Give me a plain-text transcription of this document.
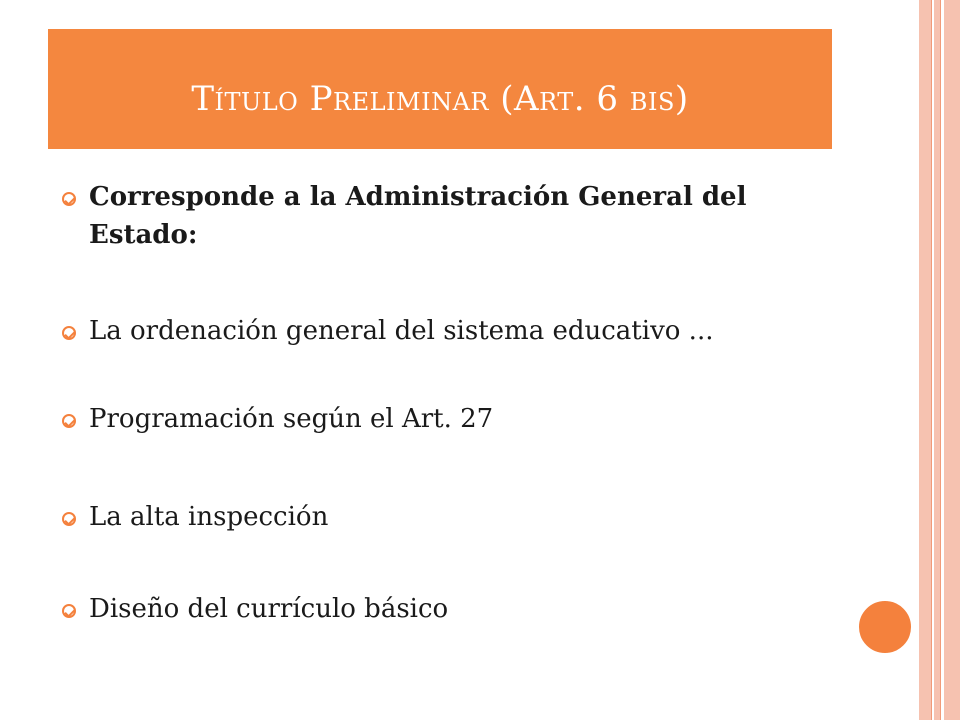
Título Preliminar (Art. 6 bis)
Corresponde a la Administración General del Estado:
La ordenación general del sistema educativo ...
Programación según el Art. 27
La alta inspección
Diseño del currículo básico
